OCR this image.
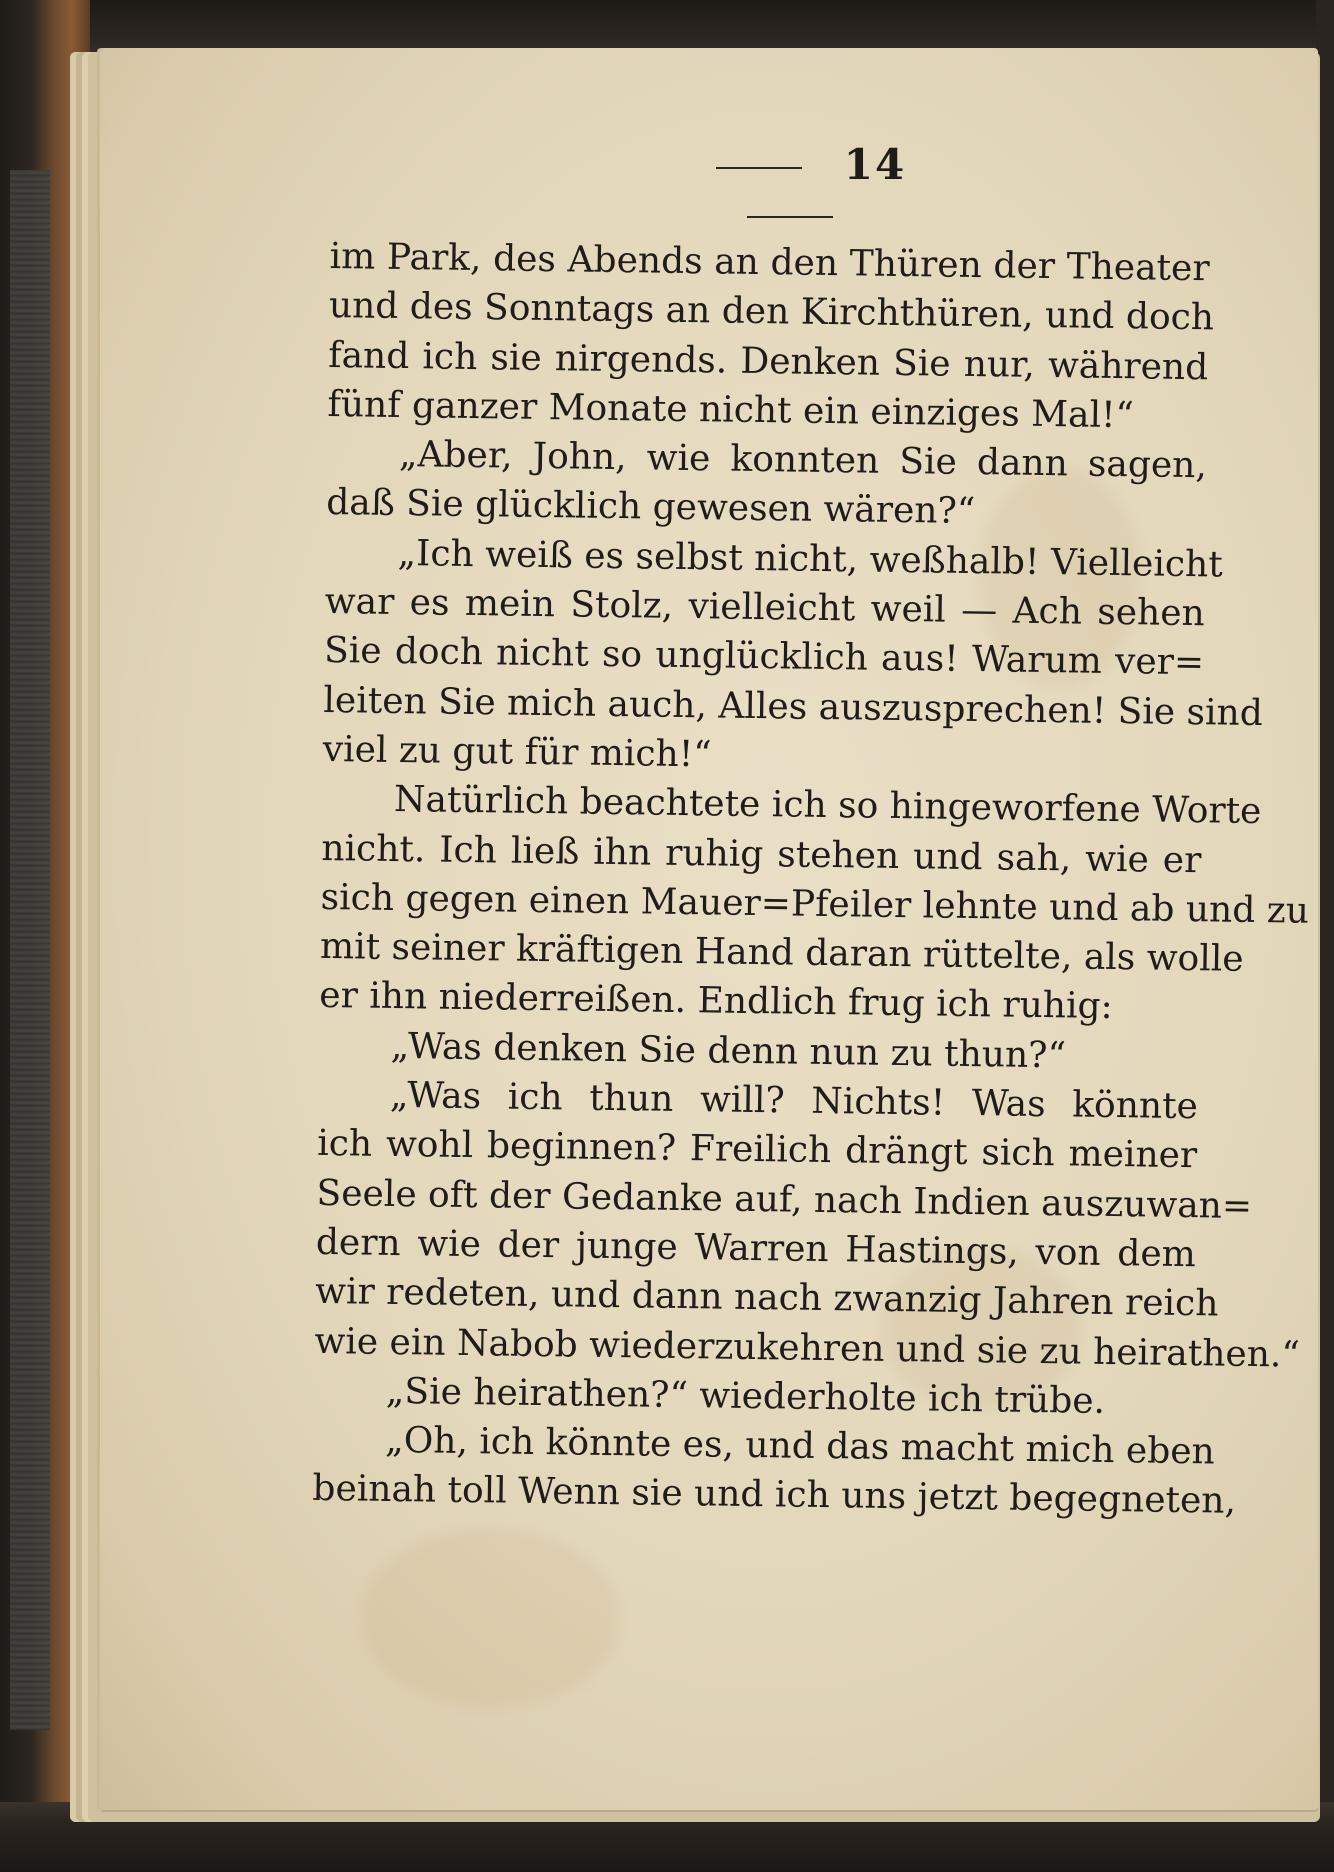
14
im Park, des Abends an den Thüren der Theater
und des Sonntags an den Kirchthüren, und doch
fand ich sie nirgends. Denken Sie nur, während
fünf ganzer Monate nicht ein einziges Mal!“
„Aber, John, wie konnten Sie dann sagen,
daß Sie glücklich gewesen wären?“
„Ich weiß es selbst nicht, weßhalb! Vielleicht
war es mein Stolz, vielleicht weil — Ach sehen
Sie doch nicht so unglücklich aus! Warum ver=
leiten Sie mich auch, Alles auszusprechen! Sie sind
viel zu gut für mich!“
Natürlich beachtete ich so hingeworfene Worte
nicht. Ich ließ ihn ruhig stehen und sah, wie er
sich gegen einen Mauer=Pfeiler lehnte und ab und zu
mit seiner kräftigen Hand daran rüttelte, als wolle
er ihn niederreißen. Endlich frug ich ruhig:
„Was denken Sie denn nun zu thun?“
„Was ich thun will? Nichts! Was könnte
ich wohl beginnen? Freilich drängt sich meiner
Seele oft der Gedanke auf, nach Indien auszuwan=
dern wie der junge Warren Hastings, von dem
wir redeten, und dann nach zwanzig Jahren reich
wie ein Nabob wiederzukehren und sie zu heirathen.“
„Sie heirathen?“ wiederholte ich trübe.
„Oh, ich könnte es, und das macht mich eben
beinah toll Wenn sie und ich uns jetzt begegneten,
